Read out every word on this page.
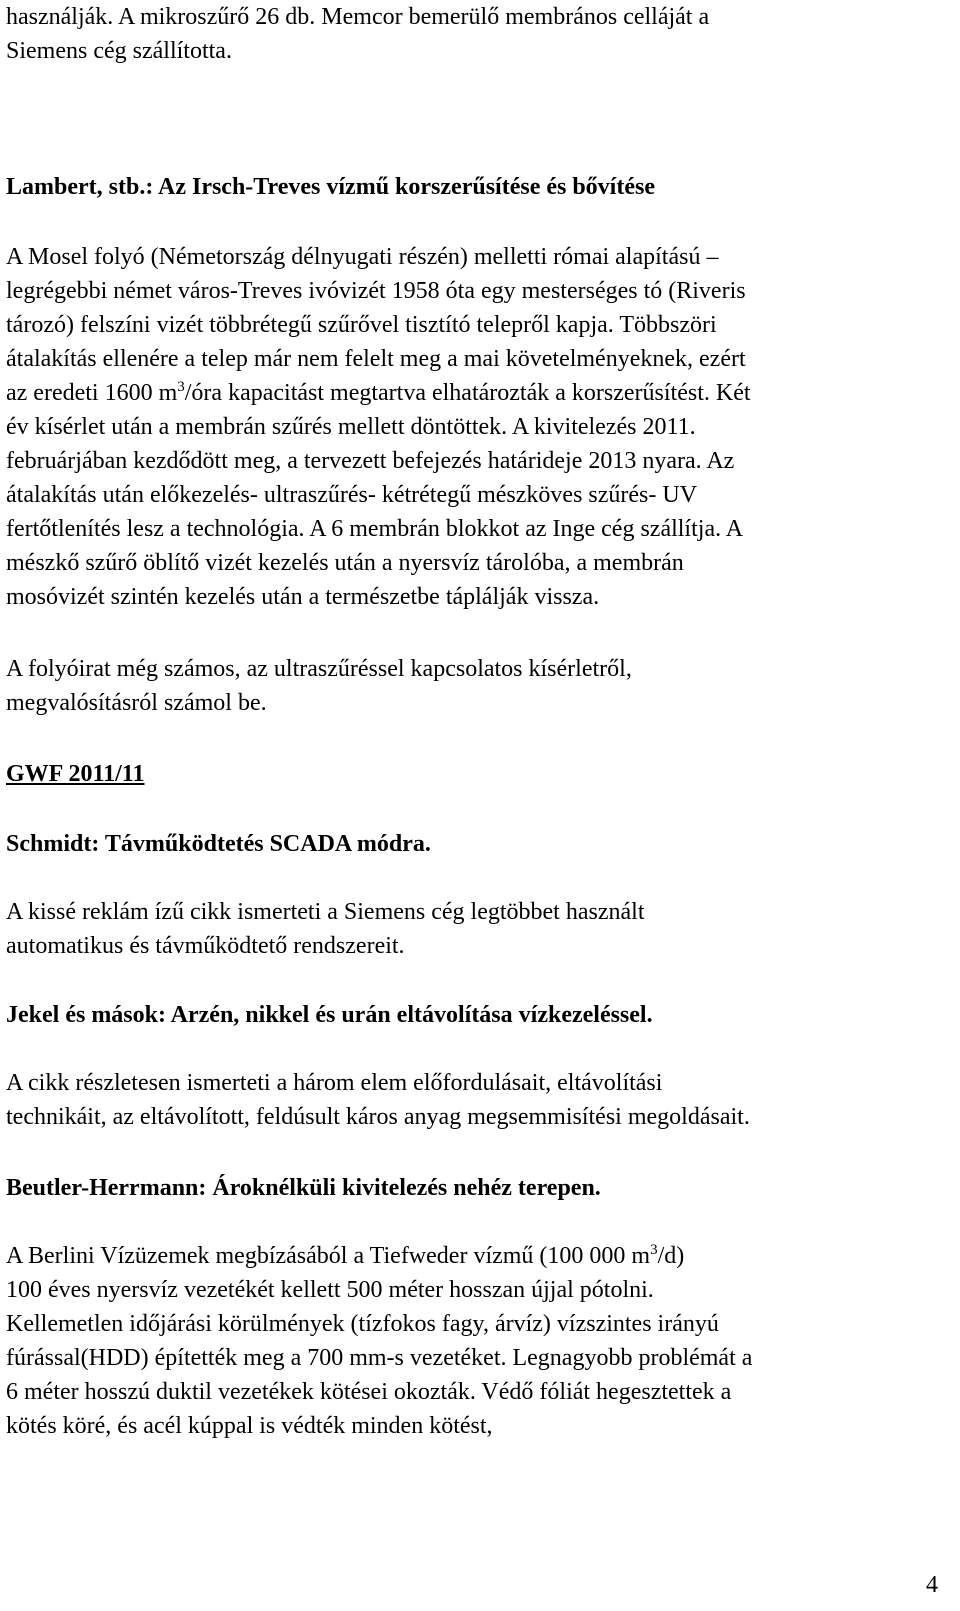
használják. A mikroszűrő 26 db. Memcor bemerülő membrános celláját a
Siemens cég szállította.
Lambert, stb.: Az Irsch-Treves vízmű korszerűsítése és bővítése
A Mosel folyó (Németország délnyugati részén) melletti római alapítású –
legrégebbi német város-Treves ivóvizét 1958 óta egy mesterséges tó (Riveris
tározó) felszíni vizét többrétegű szűrővel tisztító telepről kapja. Többszöri
átalakítás ellenére a telep már nem felelt meg a mai követelményeknek, ezért
az eredeti 1600 $m^3$/óra kapacitást megtartva elhatározták a korszerűsítést. Két
év kísérlet után a membrán szűrés mellett döntöttek. A kivitelezés 2011.
februárjában kezdődött meg, a tervezett befejezés határideje 2013 nyara. Az
átalakítás után előkezelés- ultraszűrés- kétrétegű mészköves szűrés- UV
fertőtlenítés lesz a technológia. A 6 membrán blokkot az Inge cég szállítja. A
mészkő szűrő öblítő vizét kezelés után a nyersvíz tárolóba, a membrán
mosóvizét szintén kezelés után a természetbe táplálják vissza.
A folyóirat még számos, az ultraszűréssel kapcsolatos kísérletről,
megvalósításról számol be.
GWF 2011/11
Schmidt: Távműködtetés SCADA módra.
A kissé reklám ízű cikk ismerteti a Siemens cég legtöbbet használt
automatikus és távműködtető rendszereit.
Jekel és mások: Arzén, nikkel és urán eltávolítása vízkezeléssel.
A cikk részletesen ismerteti a három elem előfordulásait, eltávolítási
technikáit, az eltávolított, feldúsult káros anyag megsemmisítési megoldásait.
Beutler-Herrmann: Ároknélküli kivitelezés nehéz terepen.
A Berlini Vízüzemek megbízásából a Tiefweder vízmű (100 000 $m^3/d$)
100 éves nyersvíz vezetékét kellett 500 méter hosszan újjal pótolni.
Kellemetlen időjárási körülmények (tízfokos fagy, árvíz) vízszintes irányú
fúrással(HDD) építették meg a 700 mm-s vezetéket. Legnagyobb problémát a
6 méter hosszú duktil vezetékek kötései okozták. Védő fóliát hegesztettek a
kötés köré, és acél kúppal is védték minden kötést,
4
